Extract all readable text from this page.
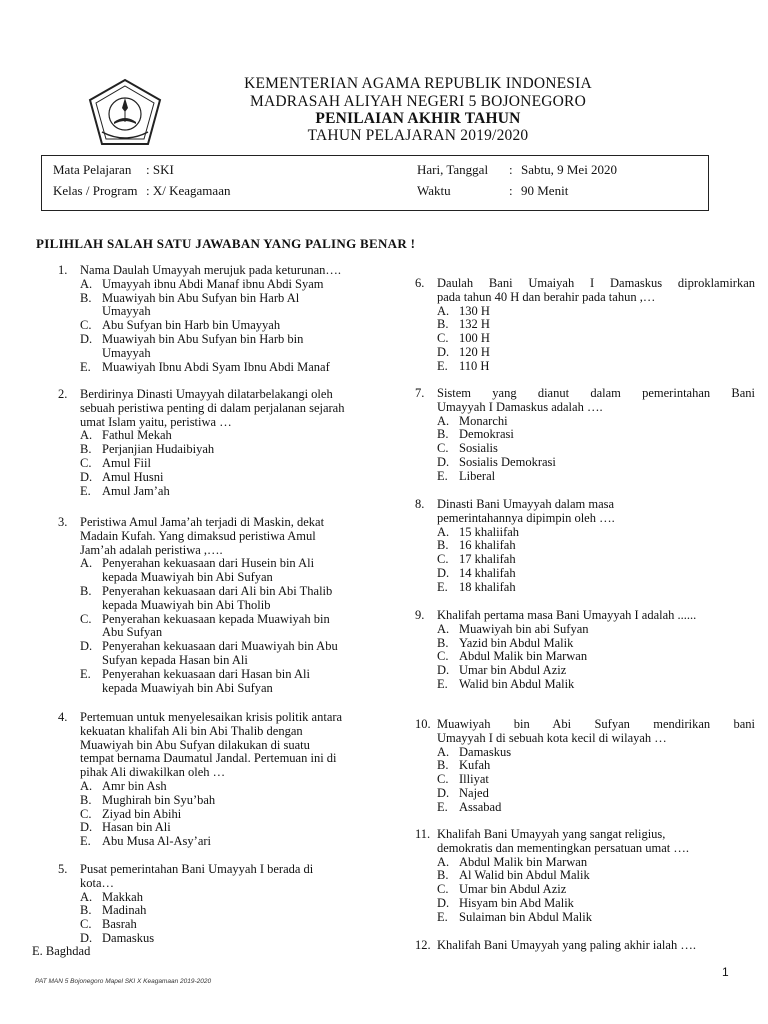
KEMENTERIAN AGAMA REPUBLIK INDONESIA
MADRASAH ALIYAH NEGERI 5 BOJONEGORO
PENILAIAN AKHIR TAHUN
TAHUN PELAJARAN 2019/2020
Mata Pelajaran : SKI
Kelas / Program : X/ Keagamaan
Hari, Tanggal : Sabtu, 9 Mei 2020
Waktu	: 90 Menit
PILIHLAH SALAH SATU JAWABAN YANG PALING BENAR !
1. Nama Daulah Umayyah merujuk pada keturunan….
A. Umayyah ibnu Abdi Manaf ibnu Abdi Syam
B. Muawiyah bin Abu Sufyan bin Harb Al
Umayyah
C. Abu Sufyan bin Harb bin Umayyah
D. Muawiyah bin Abu Sufyan bin Harb bin
Umayyah
E. Muawiyah Ibnu Abdi Syam Ibnu Abdi Manaf
2. Berdirinya Dinasti Umayyah dilatarbelakangi oleh
sebuah peristiwa penting di dalam perjalanan sejarah
umat Islam yaitu, peristiwa …
A. Fathul Mekah
B. Perjanjian Hudaibiyah
C. Amul Fiil
D. Amul Husni
E. Amul Jam’ah
3. Peristiwa Amul Jama’ah terjadi di Maskin, dekat
Madain Kufah. Yang dimaksud peristiwa Amul
Jam’ah adalah peristiwa ,….
A. Penyerahan kekuasaan dari Husein bin Ali
kepada Muawiyah bin Abi Sufyan
B. Penyerahan kekuasaan dari Ali bin Abi Thalib
kepada Muawiyah bin Abi Tholib
C. Penyerahan kekuasaan kepada Muawiyah bin
Abu Sufyan
D. Penyerahan kekuasaan dari Muawiyah bin Abu
Sufyan kepada Hasan bin Ali
E. Penyerahan kekuasaan dari Hasan bin Ali
kepada Muawiyah bin Abi Sufyan
4. Pertemuan untuk menyelesaikan krisis politik antara
kekuatan khalifah Ali bin Abi Thalib dengan
Muawiyah bin Abu Sufyan dilakukan di suatu
tempat bernama Daumatul Jandal. Pertemuan ini di
pihak Ali diwakilkan oleh …
A. Amr bin Ash
B. Mughirah bin Syu’bah
C. Ziyad bin Abihi
D. Hasan bin Ali
E. Abu Musa Al-Asy’ari
5. Pusat pemerintahan Bani Umayyah I berada di
kota…
A. Makkah
B. Madinah
C. Basrah
D. Damaskus
6. Daulah Bani Umaiyah I Damaskus diproklamirkan
pada tahun 40 H dan berahir pada tahun ,…
A. 130 H
B. 132 H
C. 100 H
D. 120 H
E. 110 H
7. Sistem yang dianut dalam pemerintahan Bani
Umayyah I Damaskus adalah ….
A. Monarchi
B. Demokrasi
C. Sosialis
D. Sosialis Demokrasi
E. Liberal
8. Dinasti Bani Umayyah dalam masa
pemerintahannya dipimpin oleh ….
A. 15 khaliifah
B. 16 khalifah
C. 17 khalifah
D. 14 khalifah
E. 18 khalifah
9. Khalifah pertama masa Bani Umayyah I adalah ......
A. Muawiyah bin abi Sufyan
B. Yazid bin Abdul Malik
C. Abdul Malik bin Marwan
D. Umar bin Abdul Aziz
E. Walid bin Abdul Malik
10. Muawiyah bin Abi Sufyan mendirikan bani
Umayyah I di sebuah kota kecil di wilayah …
A. Damaskus
B. Kufah
C. Illiyat
D. Najed
E. Assabad
11. Khalifah Bani Umayyah yang sangat religius,
demokratis dan mementingkan persatuan umat ….
A. Abdul Malik bin Marwan
B. Al Walid bin Abdul Malik
C. Umar bin Abdul Aziz
D. Hisyam bin Abd Malik
E. Sulaiman bin Abdul Malik
12. Khalifah Bani Umayyah yang paling akhir ialah ….
E. Baghdad
PAT MAN 5 Bojonegoro Mapel SKI X Keagamaan 2019-2020
1
